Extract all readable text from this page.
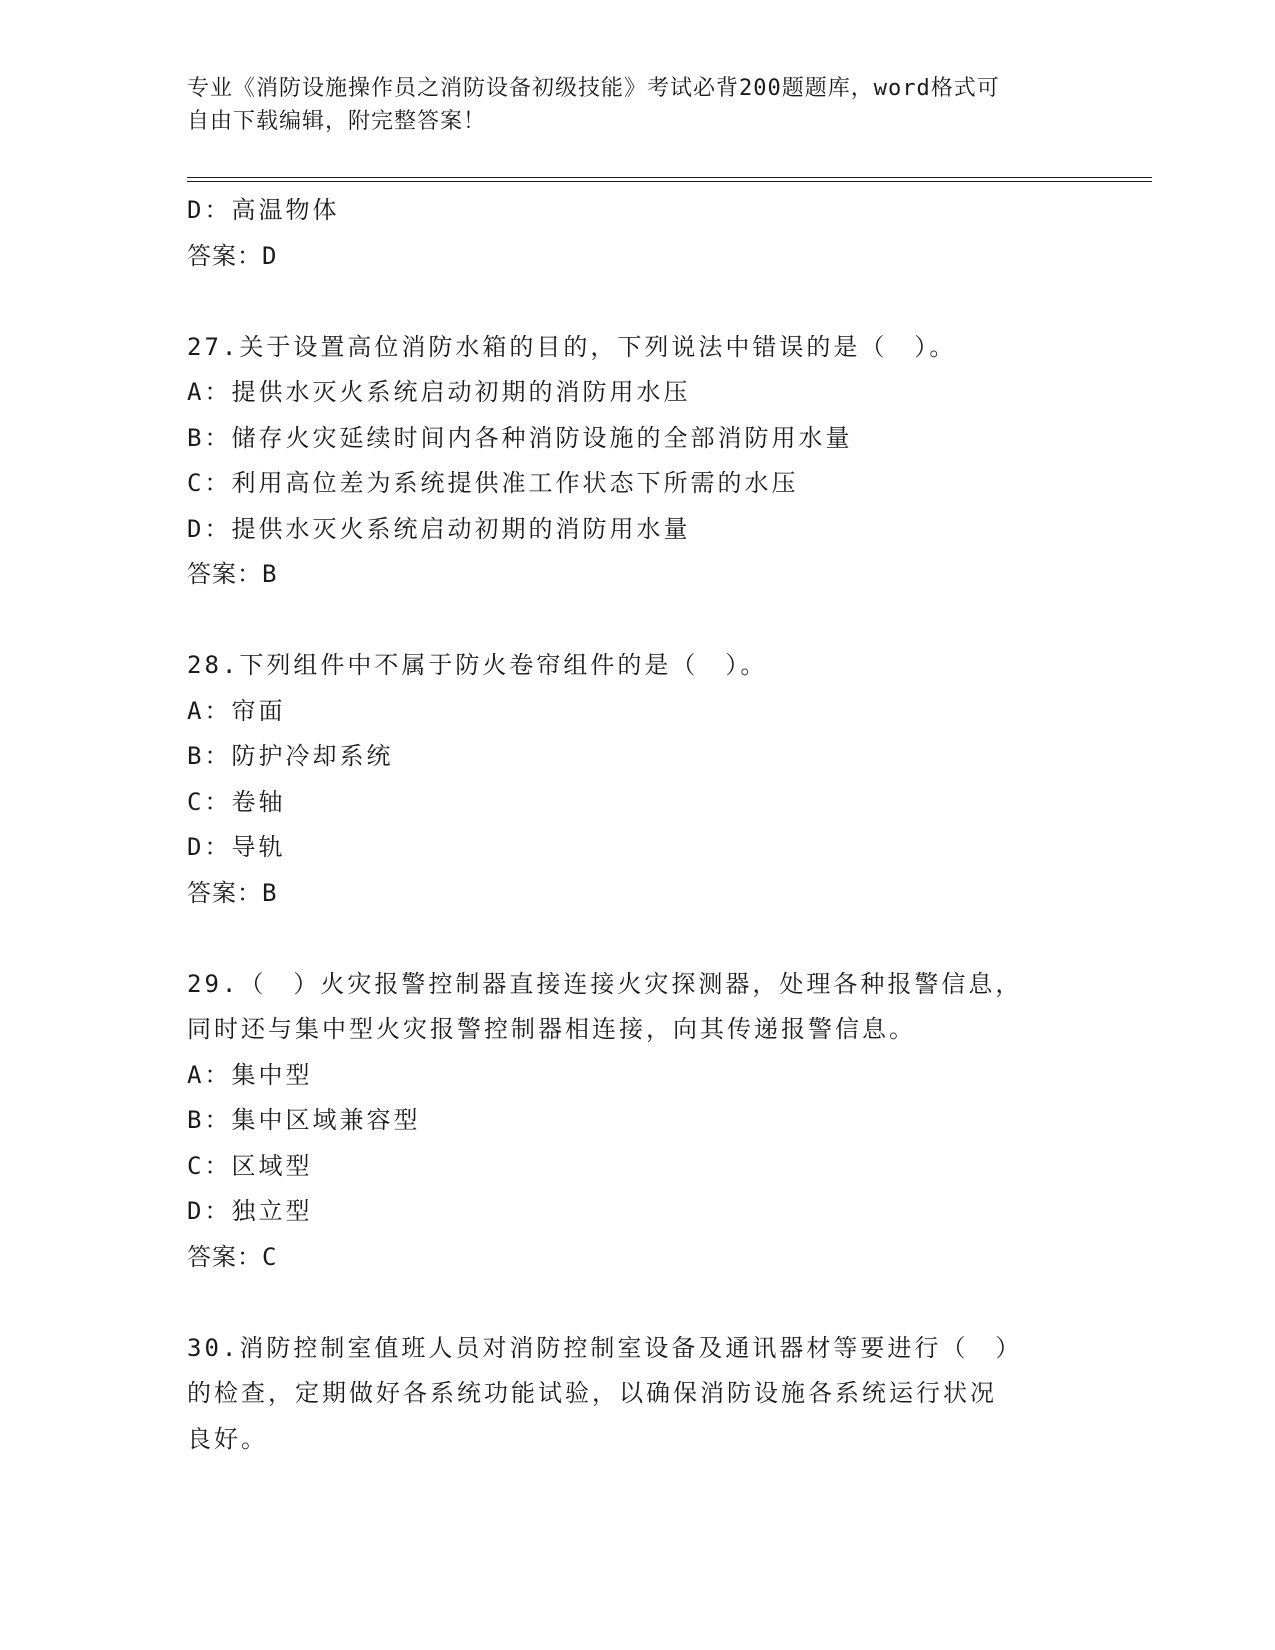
专业《消防设施操作员之消防设备初级技能》考试必背200题题库，word格式可
自由下载编辑，附完整答案！
D：高温物体
答案：D
27.关于设置高位消防水箱的目的，下列说法中错误的是（　）。
A：提供水灭火系统启动初期的消防用水压
B：储存火灾延续时间内各种消防设施的全部消防用水量
C：利用高位差为系统提供准工作状态下所需的水压
D：提供水灭火系统启动初期的消防用水量
答案：B
28.下列组件中不属于防火卷帘组件的是（　）。
A：帘面
B：防护冷却系统
C：卷轴
D：导轨
答案：B
29.（　）火灾报警控制器直接连接火灾探测器，处理各种报警信息，
同时还与集中型火灾报警控制器相连接，向其传递报警信息。
A：集中型
B：集中区域兼容型
C：区域型
D：独立型
答案：C
30.消防控制室值班人员对消防控制室设备及通讯器材等要进行（　）
的检查，定期做好各系统功能试验，以确保消防设施各系统运行状况
良好。
